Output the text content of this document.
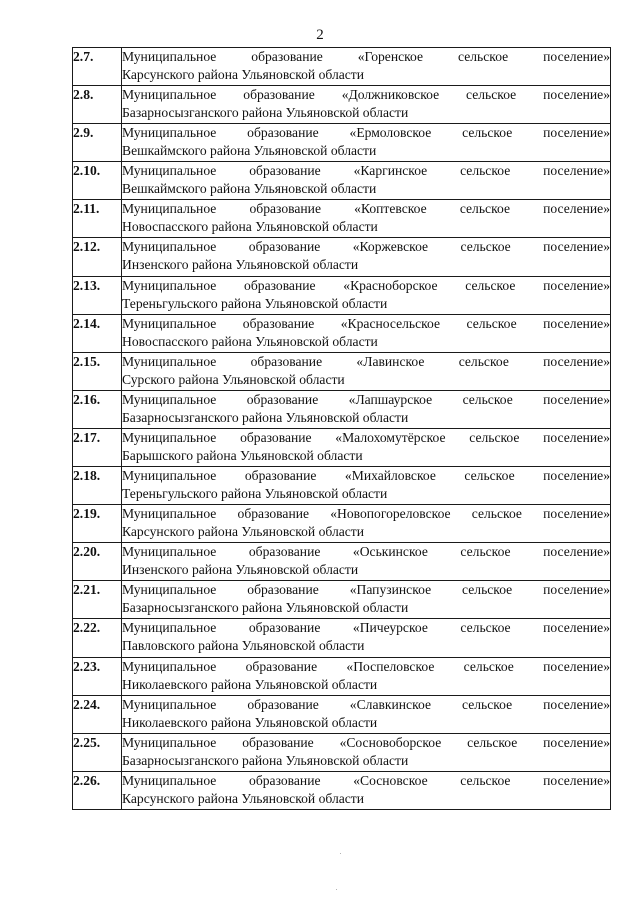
2
2.7.	Муниципальное образование «Горенское сельское поселение»
Карсунского района Ульяновской области

2.8.	Муниципальное образование «Должниковское сельское поселение»
Базарносызганского района Ульяновской области

2.9.	Муниципальное образование «Ермоловское сельское поселение»
Вешкаймского района Ульяновской области

2.10.	Муниципальное образование «Каргинское сельское поселение»
Вешкаймского района Ульяновской области

2.11.	Муниципальное образование «Коптевское сельское поселение»
Новоспасского района Ульяновской области

2.12.	Муниципальное образование «Коржевское сельское поселение»
Инзенского района Ульяновской области

2.13.	Муниципальное образование «Красноборское сельское поселение»
Тереньгульского района Ульяновской области

2.14.	Муниципальное образование «Красносельское сельское поселение»
Новоспасского района Ульяновской области

2.15.	Муниципальное образование «Лавинское сельское поселение»
Сурского района Ульяновской области

2.16.	Муниципальное образование «Лапшаурское сельское поселение»
Базарносызганского района Ульяновской области

2.17.	Муниципальное образование «Малохомутёрское сельское поселение»
Барышского района Ульяновской области

2.18.	Муниципальное образование «Михайловское сельское поселение»
Тереньгульского района Ульяновской области

2.19.	Муниципальное образование «Новопогореловское сельское поселение»
Карсунского района Ульяновской области

2.20.	Муниципальное образование «Оськинское сельское поселение»
Инзенского района Ульяновской области

2.21.	Муниципальное образование «Папузинское сельское поселение»
Базарносызганского района Ульяновской области

2.22.	Муниципальное образование «Пичеурское сельское поселение»
Павловского района Ульяновской области

2.23.	Муниципальное образование «Поспеловское сельское поселение»
Николаевского района Ульяновской области

2.24.	Муниципальное образование «Славкинское сельское поселение»
Николаевского района Ульяновской области

2.25.	Муниципальное образование «Сосновоборское сельское поселение»
Базарносызганского района Ульяновской области

2.26.	Муниципальное образование «Сосновское сельское поселение»
Карсунского района Ульяновской области
